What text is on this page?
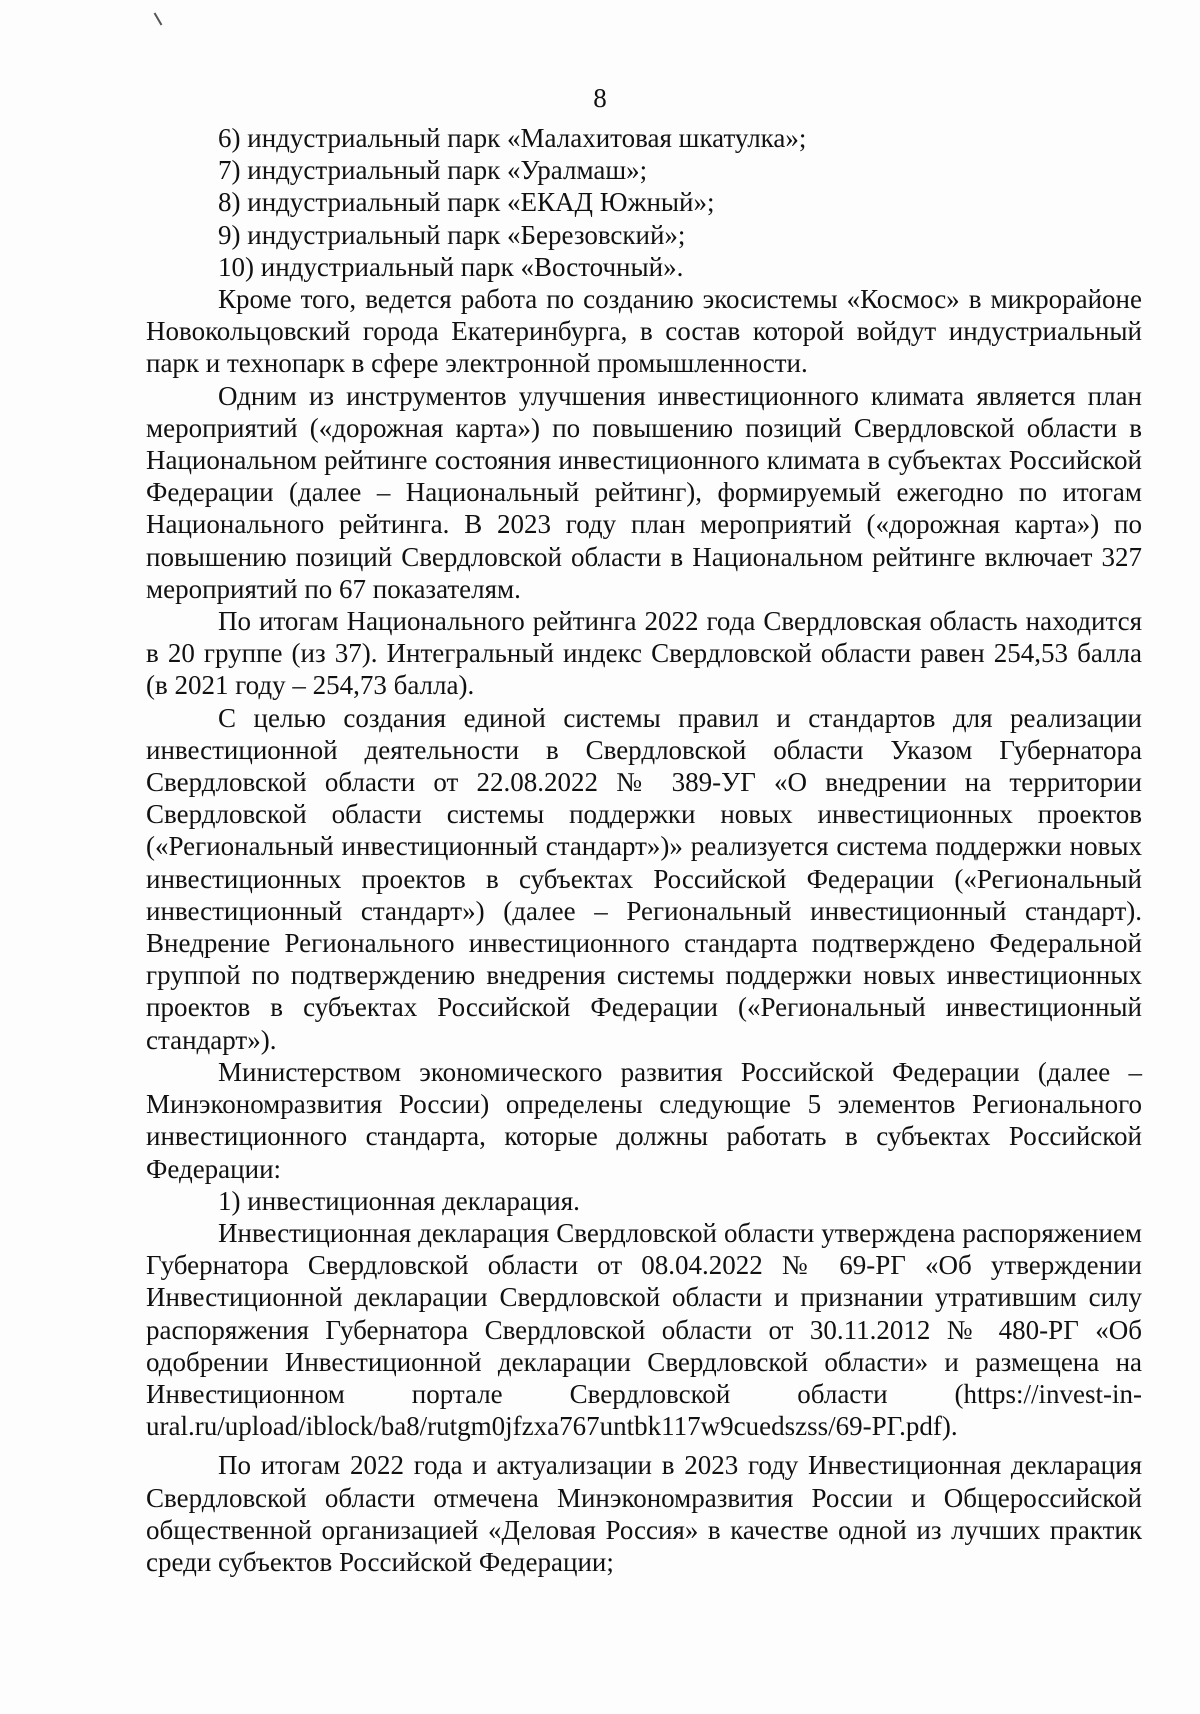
8

6) индустриальный парк «Малахитовая шкатулка»;

7) индустриальный парк «Уралмаш»;

8) индустриальный парк «ЕКАД Южный»;

9) индустриальный парк «Березовский»;

10) индустриальный парк «Восточный».

Кроме того, ведется работа по созданию экосистемы «Космос» в микрорайоне Новокольцовский города Екатеринбурга, в состав которой войдут индустриальный парк и технопарк в сфере электронной промышленности.

Одним из инструментов улучшения инвестиционного климата является план мероприятий («дорожная карта») по повышению позиций Свердловской области в Национальном рейтинге состояния инвестиционного климата в субъектах Российской Федерации (далее – Национальный рейтинг), формируемый ежегодно по итогам Национального рейтинга. В 2023 году план мероприятий («дорожная карта») по повышению позиций Свердловской области в Национальном рейтинге включает 327 мероприятий по 67 показателям.

По итогам Национального рейтинга 2022 года Свердловская область находится в 20 группе (из 37). Интегральный индекс Свердловской области равен 254,53 балла (в 2021 году – 254,73 балла).

С целью создания единой системы правил и стандартов для реализации инвестиционной деятельности в Свердловской области Указом Губернатора Свердловской области от 22.08.2022 № 389-УГ «О внедрении на территории Свердловской области системы поддержки новых инвестиционных проектов («Региональный инвестиционный стандарт»)» реализуется система поддержки новых инвестиционных проектов в субъектах Российской Федерации («Региональный инвестиционный стандарт») (далее – Региональный инвестиционный стандарт). Внедрение Регионального инвестиционного стандарта подтверждено Федеральной группой по подтверждению внедрения системы поддержки новых инвестиционных проектов в субъектах Российской Федерации («Региональный инвестиционный стандарт»).

Министерством экономического развития Российской Федерации (далее – Минэкономразвития России) определены следующие 5 элементов Регионального инвестиционного стандарта, которые должны работать в субъектах Российской Федерации:

1) инвестиционная декларация.

Инвестиционная декларация Свердловской области утверждена распоряжением Губернатора Свердловской области от 08.04.2022 № 69-РГ «Об утверждении Инвестиционной декларации Свердловской области и признании утратившим силу распоряжения Губернатора Свердловской области от 30.11.2012 № 480-РГ «Об одобрении Инвестиционной декларации Свердловской области» и размещена на Инвестиционном портале Свердловской области (https://invest-in-ural.ru/upload/iblock/ba8/rutgm0jfzxa767untbk117w9cuedszss/69-РГ.pdf).

По итогам 2022 года и актуализации в 2023 году Инвестиционная декларация Свердловской области отмечена Минэкономразвития России и Общероссийской общественной организацией «Деловая Россия» в качестве одной из лучших практик среди субъектов Российской Федерации;
